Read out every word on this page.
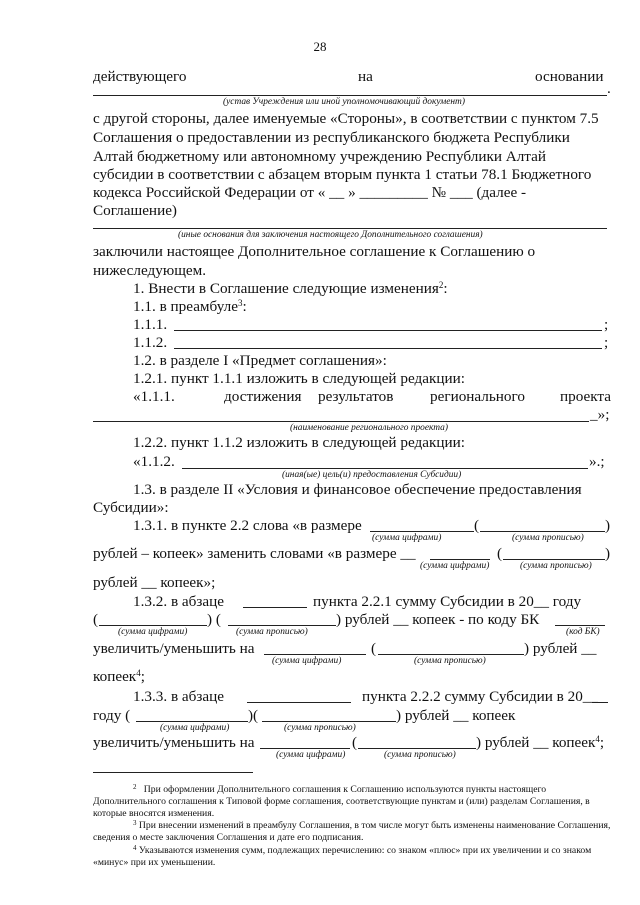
28
действующего	на	основании
.
(устав Учреждения или иной уполномочивающий документ)
с другой стороны, далее именуемые «Стороны», в соответствии с пунктом 7.5
Соглашения о предоставлении из республиканского бюджета Республики
Алтай бюджетному или автономному учреждению Республики Алтай
субсидии в соответствии с абзацем вторым пункта 1 статьи 78.1 Бюджетного
кодекса Российской Федерации от « __ » _________ № ___ (далее -
Соглашение)
(иные основания для заключения настоящего Дополнительного соглашения)
заключили настоящее Дополнительное соглашение к Соглашению о
нижеследующем.
1. Внести в Соглашение следующие изменения$^2$:
1.1. в преамбуле$^3$:
1.1.1.	;
1.1.2.	;
1.2. в разделе I «Предмет соглашения»:
1.2.1. пункт 1.1.1 изложить в следующей редакции:
«1.1.1.	достижения результатов регионального проекта
_»;
(наименование регионального проекта)
1.2.2. пункт 1.1.2 изложить в следующей редакции:
«1.1.2.	».;
(иная(ые) цель(и) предоставления Субсидии)
1.3. в разделе II «Условия и финансовое обеспечение предоставления
Субсидии»:
1.3.1. в пункте 2.2 слова «в размере	(	)
(сумма цифрами)	(сумма прописью)
рублей – копеек» заменить словами «в размере __	(	)
(сумма цифрами)	(сумма прописью)
рублей __ копеек»;
1.3.2. в абзаце	пункта 2.2.1 сумму Субсидии в 20__ году
(	) (	) рублей __ копеек - по коду БК
(сумма цифрами)	(сумма прописью)	(код БК)
увеличить/уменьшить на	(	) рублей __
(сумма цифрами)	(сумма прописью)
копеек$^4$;
1.3.3. в абзаце	пункта 2.2.2 сумму Субсидии в 20__
году (	)(	) рублей __ копеек
(сумма цифрами)	(сумма прописью)
увеличить/уменьшить на	(	) рублей __ копеек$^4$;
(сумма цифрами)	(сумма прописью)
$^2$ При оформлении Дополнительного соглашения к Соглашению используются пункты настоящего
Дополнительного соглашения к Типовой форме соглашения, соответствующие пунктам и (или) разделам Соглашения, в
которые вносятся изменения.
$^3$ При внесении изменений в преамбулу Соглашения, в том числе могут быть изменены наименование Соглашения,
сведения о месте заключения Соглашения и дате его подписания.
$^4$ Указываются изменения сумм, подлежащих перечислению: со знаком «плюс» при их увеличении и со знаком
«минус» при их уменьшении.
